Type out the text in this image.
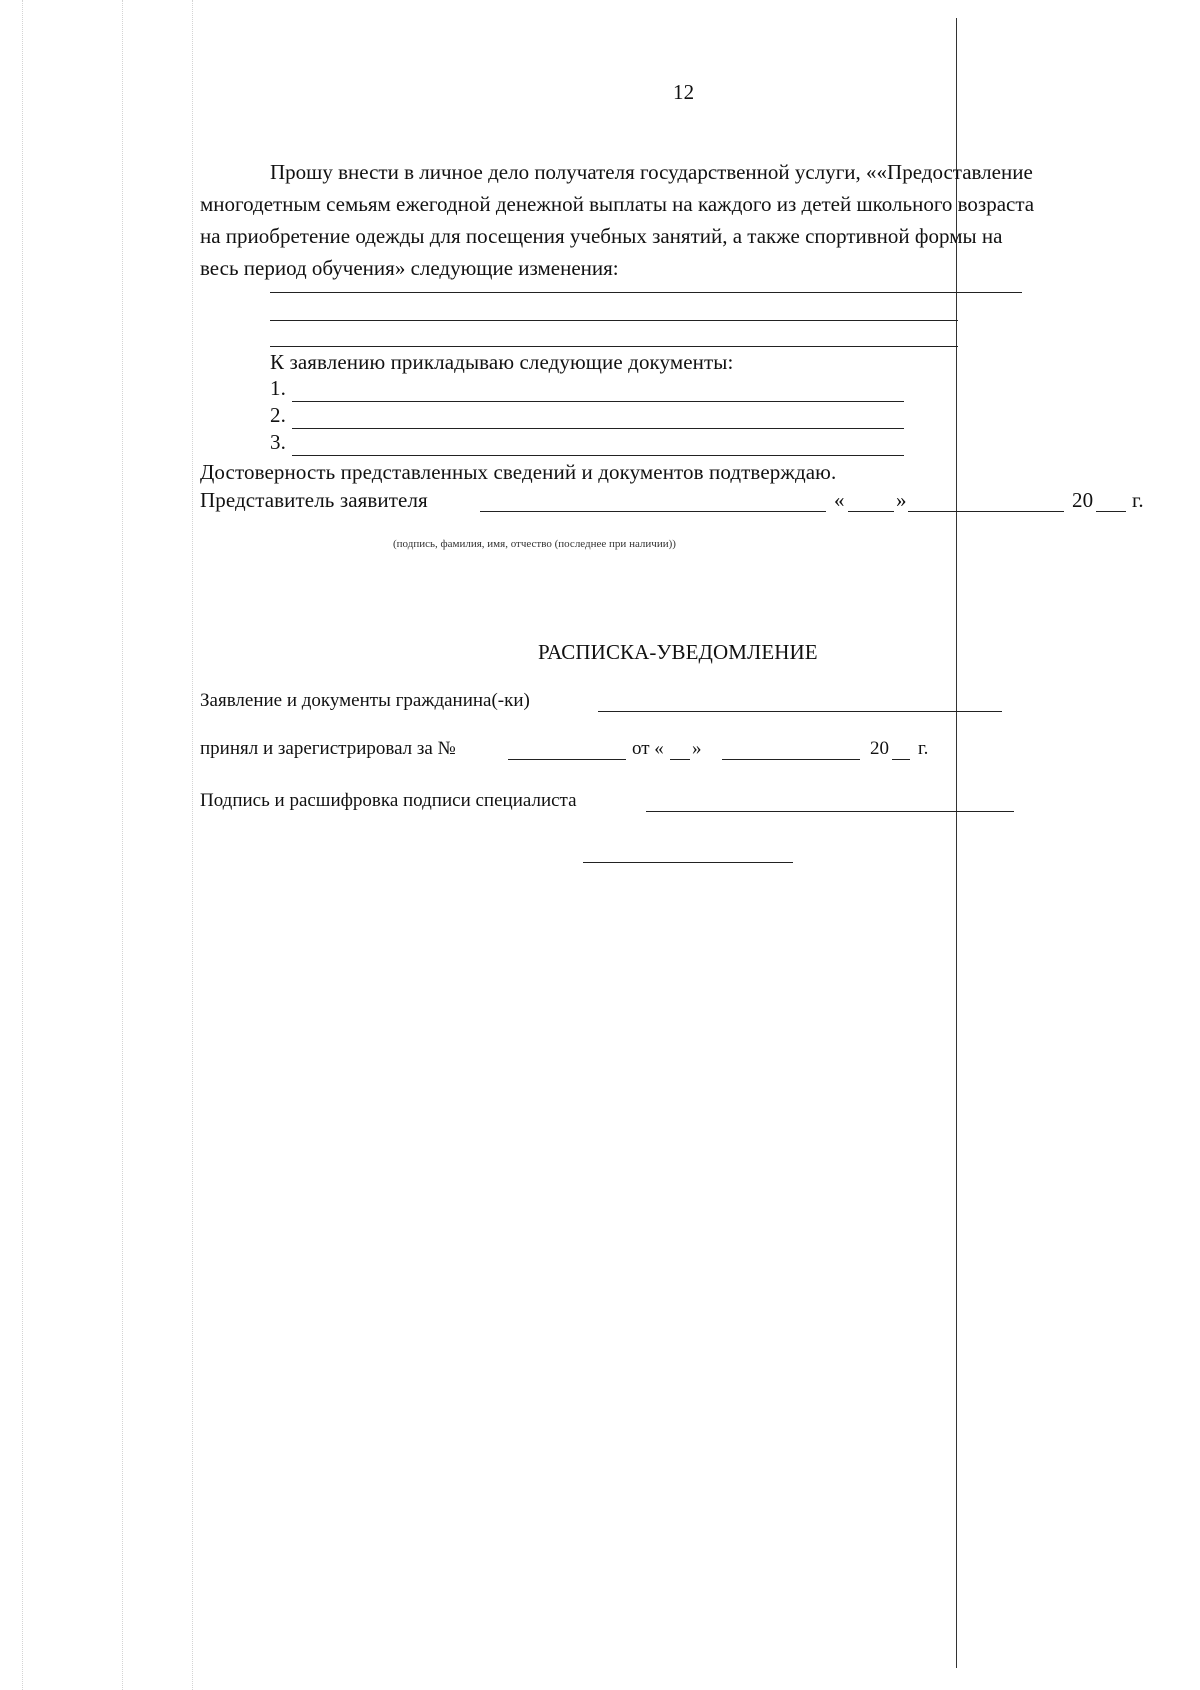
12
Прошу внести в личное дело получателя государственной услуги, ««Предоставление
многодетным семьям ежегодной денежной выплаты на каждого из детей школьного возраста
на приобретение одежды для посещения учебных занятий, а также спортивной формы на
весь период обучения» следующие изменения:
К заявлению прикладываю следующие документы:
1.
2.
3.
Достоверность представленных сведений и документов подтверждаю.
Представитель заявителя	« »	20 г.
(подпись, фамилия, имя, отчество (последнее при наличии))
РАСПИСКА-УВЕДОМЛЕНИЕ
Заявление и документы гражданина(-ки)
принял и зарегистрировал за №	от « »	20 г.
Подпись и расшифровка подписи специалиста
